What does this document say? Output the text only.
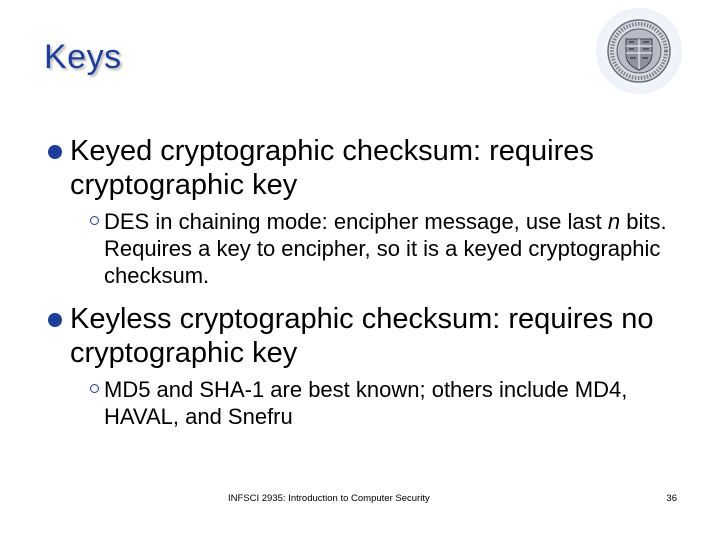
Keys
Keyed cryptographic checksum: requires cryptographic key
DES in chaining mode: encipher message, use last n bits. Requires a key to encipher, so it is a keyed cryptographic checksum.
Keyless cryptographic checksum: requires no cryptographic key
MD5 and SHA-1 are best known; others include MD4, HAVAL, and Snefru
INFSCI 2935: Introduction to Computer Security	36
